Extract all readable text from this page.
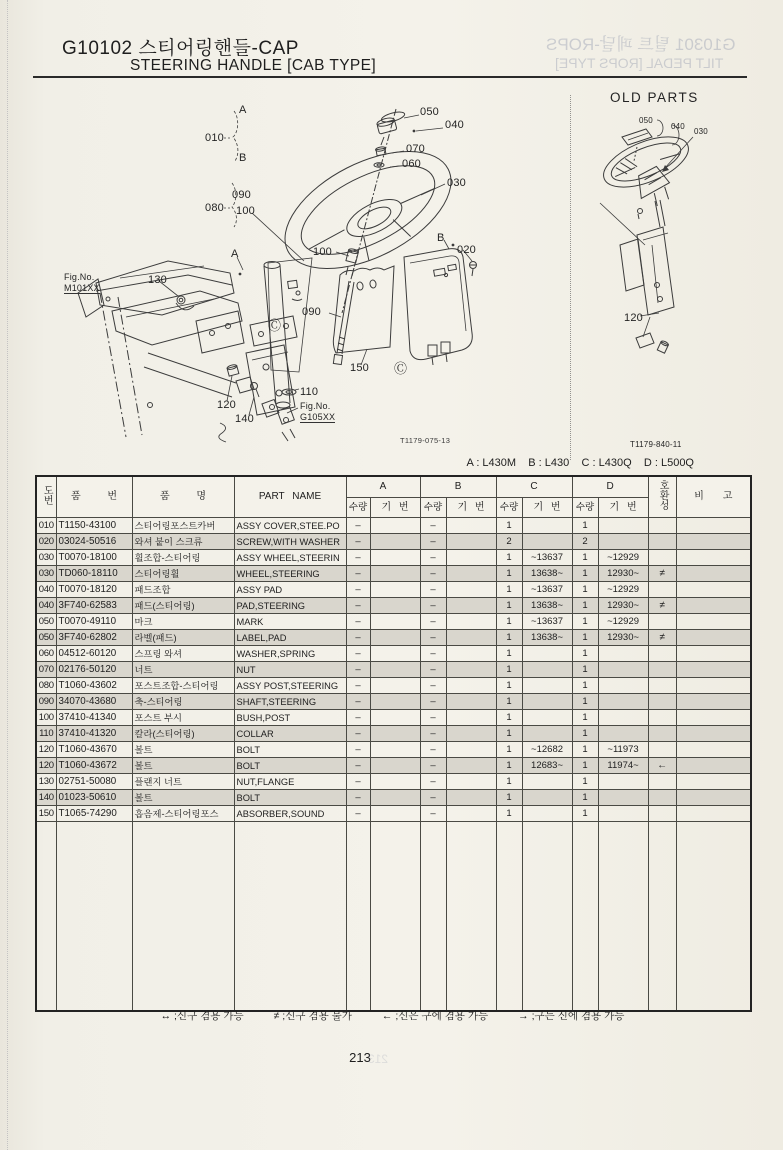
G10102 스티어링핸들-CAP
STEERING HANDLE [CAB TYPE]
G10301 틸트 페달-ROPS
TILT PEDAL [ROPS TYPE]
010
A
B
050
040
070
060
030
090
080 100
A	100
B
020
130
Fig.No.
M101XX
090
150
110
120
140
Fig.No.
G105XX
Ⓒ
Ⓒ
T1179-075-13
OLD PARTS
050
040
030
120
T1179-840-11
A : L430M    B : L430    C : L430Q    D : L500Q
도번	품 번	품 명	PART NAME	A		B		C		D		호환성	비 고
				수량	기 번	수량	기 번	수량	기 번	수량	기 번		
010	T1150-43100	스티어링포스트카버	ASSY COVER,STEE.PO	–		–		1		1			
020	03024-50516	와셔 붙이 스크류	SCREW,WITH WASHER	–		–		2		2			
030	T0070-18100	휠조합-스티어링	ASSY WHEEL,STEERIN	–		–		1	~13637	1	~12929		
030	TD060-18110	스티어링휠	WHEEL,STEERING	–		–		1	13638~	1	12930~	≠	
040	T0070-18120	패드조합	ASSY PAD	–		–		1	~13637	1	~12929		
040	3F740-62583	패드(스티어링)	PAD,STEERING	–		–		1	13638~	1	12930~	≠	
050	T0070-49110	마크	MARK	–		–		1	~13637	1	~12929		
050	3F740-62802	라벨(패드)	LABEL,PAD	–		–		1	13638~	1	12930~	≠	
060	04512-60120	스프링 와셔	WASHER,SPRING	–		–		1		1			
070	02176-50120	너트	NUT	–		–		1		1			
080	T1060-43602	포스트조합-스티어링	ASSY POST,STEERING	–		–		1		1			
090	34070-43680	축-스티어링	SHAFT,STEERING	–		–		1		1			
100	37410-41340	포스트 부시	BUSH,POST	–		–		1		1			
110	37410-41320	칼라(스티어링)	COLLAR	–		–		1		1			
120	T1060-43670	볼트	BOLT	–		–		1	~12682	1	~11973		
120	T1060-43672	볼트	BOLT	–		–		1	12683~	1	11974~	←	
130	02751-50080	플랜지 너트	NUT,FLANGE	–		–		1		1			
140	01023-50610	볼트	BOLT	–		–		1		1			
150	T1065-74290	흡음제-스티어링포스	ABSORBER,SOUND	–		–		1		1			

↔ ;신구 겸용 가능	≠ ;신구 겸용 불가	← ;신은 구에 겸용 가능	→ ;구는 신에 겸용 가능
213
213
